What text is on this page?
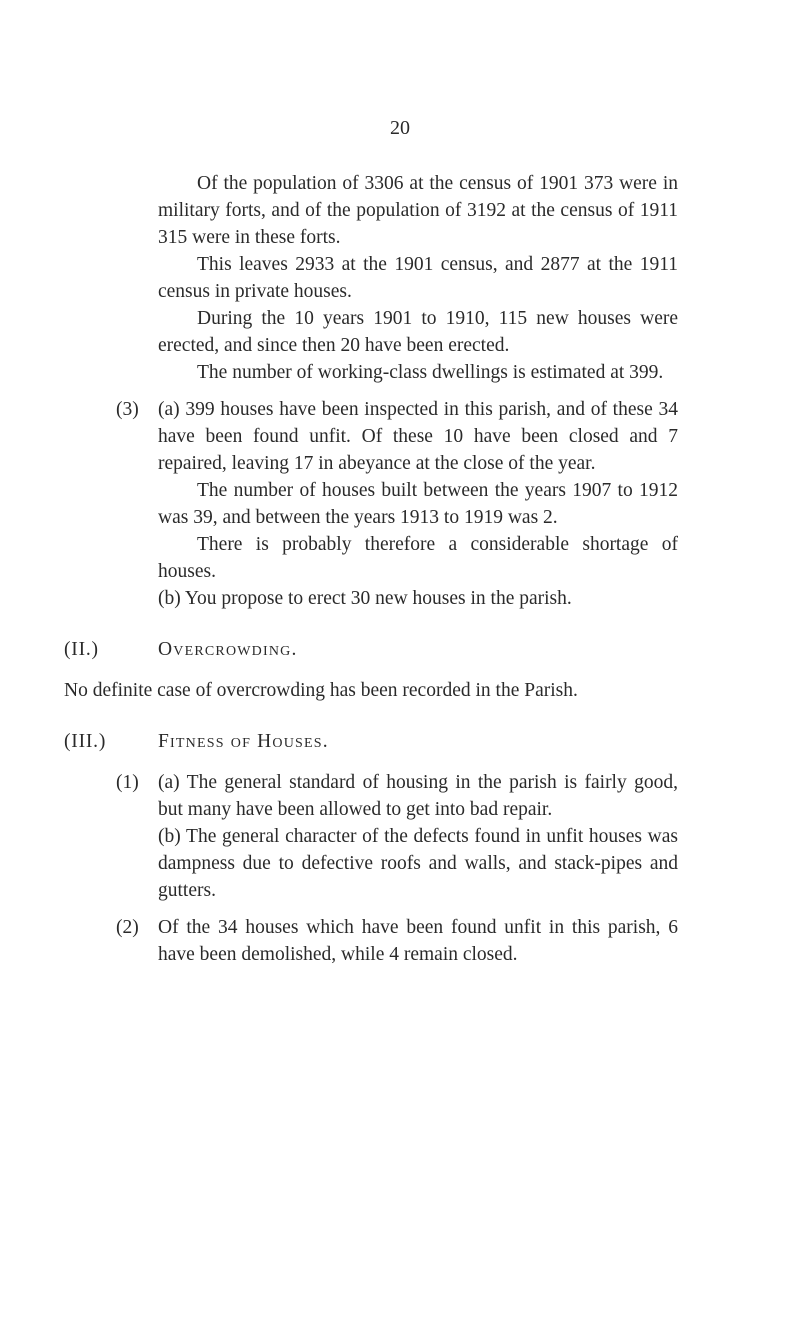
20

Of the population of 3306 at the census of 1901 373 were in military forts, and of the population of 3192 at the census of 1911 315 were in these forts.

This leaves 2933 at the 1901 census, and 2877 at the 1911 census in private houses.

During the 10 years 1901 to 1910, 115 new houses were erected, and since then 20 have been erected.

The number of working-class dwellings is estimated at 399.

(3) (a) 399 houses have been inspected in this parish, and of these 34 have been found unfit. Of these 10 have been closed and 7 repaired, leaving 17 in abeyance at the close of the year.

The number of houses built between the years 1907 to 1912 was 39, and between the years 1913 to 1919 was 2.

There is probably therefore a considerable shortage of houses.

(b) You propose to erect 30 new houses in the parish.

(II.)	Overcrowding.

No definite case of overcrowding has been recorded in the Parish.

(III.)	Fitness of Houses.
(1) (a) The general standard of housing in the parish is fairly good, but many have been allowed to get into bad repair.

(b) The general character of the defects found in unfit houses was dampness due to defective roofs and walls, and stack-pipes and gutters.

(2) Of the 34 houses which have been found unfit in this parish, 6 have been demolished, while 4 remain closed.
